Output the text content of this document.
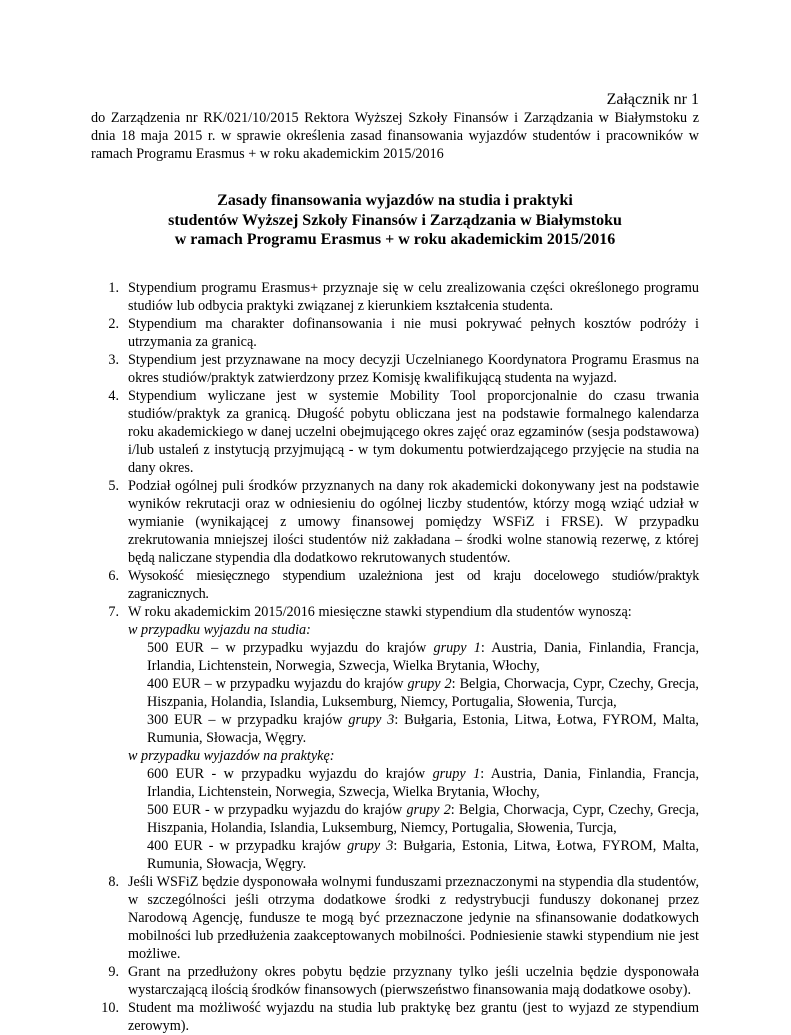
Załącznik nr 1
do Zarządzenia nr RK/021/10/2015 Rektora Wyższej Szkoły Finansów i Zarządzania w Białymstoku z dnia 18 maja 2015 r. w sprawie określenia zasad finansowania wyjazdów studentów i pracowników w ramach Programu Erasmus + w roku akademickim 2015/2016
Zasady finansowania wyjazdów na studia i praktyki
studentów Wyższej Szkoły Finansów i Zarządzania w Białymstoku
w ramach Programu Erasmus + w roku akademickim 2015/2016
1. Stypendium programu Erasmus+ przyznaje się w celu zrealizowania części określonego programu studiów lub odbycia praktyki związanej z kierunkiem kształcenia studenta.
2. Stypendium ma charakter dofinansowania i nie musi pokrywać pełnych kosztów podróży i utrzymania za granicą.
3. Stypendium jest przyznawane na mocy decyzji Uczelnianego Koordynatora Programu Erasmus na okres studiów/praktyk zatwierdzony przez Komisję kwalifikującą studenta na wyjazd.
4. Stypendium wyliczane jest w systemie Mobility Tool proporcjonalnie do czasu trwania studiów/praktyk za granicą. Długość pobytu obliczana jest na podstawie formalnego kalendarza roku akademickiego w danej uczelni obejmującego okres zajęć oraz egzaminów (sesja podstawowa) i/lub ustaleń z instytucją przyjmującą - w tym dokumentu potwierdzającego przyjęcie na studia na dany okres.
5. Podział ogólnej puli środków przyznanych na dany rok akademicki dokonywany jest na podstawie wyników rekrutacji oraz w odniesieniu do ogólnej liczby studentów, którzy mogą wziąć udział w wymianie (wynikającej z umowy finansowej pomiędzy WSFiZ i FRSE). W przypadku zrekrutowania mniejszej ilości studentów niż zakładana – środki wolne stanowią rezerwę, z której będą naliczane stypendia dla dodatkowo rekrutowanych studentów.
6. Wysokość miesięcznego stypendium uzależniona jest od kraju docelowego studiów/praktyk zagranicznych.
7. W roku akademickim 2015/2016 miesięczne stawki stypendium dla studentów wynoszą:
w przypadku wyjazdu na studia:
500 EUR – w przypadku wyjazdu do krajów grupy 1: Austria, Dania, Finlandia, Francja, Irlandia, Lichtenstein, Norwegia, Szwecja, Wielka Brytania, Włochy,
400 EUR – w przypadku wyjazdu do krajów grupy 2: Belgia, Chorwacja, Cypr, Czechy, Grecja, Hiszpania, Holandia, Islandia, Luksemburg, Niemcy, Portugalia, Słowenia, Turcja,
300 EUR – w przypadku krajów grupy 3: Bułgaria, Estonia, Litwa, Łotwa, FYROM, Malta, Rumunia, Słowacja, Węgry.
w przypadku wyjazdów na praktykę:
600 EUR - w przypadku wyjazdu do krajów grupy 1: Austria, Dania, Finlandia, Francja, Irlandia, Lichtenstein, Norwegia, Szwecja, Wielka Brytania, Włochy,
500 EUR - w przypadku wyjazdu do krajów grupy 2: Belgia, Chorwacja, Cypr, Czechy, Grecja, Hiszpania, Holandia, Islandia, Luksemburg, Niemcy, Portugalia, Słowenia, Turcja,
400 EUR - w przypadku krajów grupy 3: Bułgaria, Estonia, Litwa, Łotwa, FYROM, Malta, Rumunia, Słowacja, Węgry.
8. Jeśli WSFiZ będzie dysponowała wolnymi funduszami przeznaczonymi na stypendia dla studentów, w szczególności jeśli otrzyma dodatkowe środki z redystrybucji funduszy dokonanej przez Narodową Agencję, fundusze te mogą być przeznaczone jedynie na sfinansowanie dodatkowych mobilności lub przedłużenia zaakceptowanych mobilności. Podniesienie stawki stypendium nie jest możliwe.
9. Grant na przedłużony okres pobytu będzie przyznany tylko jeśli uczelnia będzie dysponowała wystarczającą ilością środków finansowych (pierwszeństwo finansowania mają dodatkowe osoby).
10. Student ma możliwość wyjazdu na studia lub praktykę bez grantu (jest to wyjazd ze stypendium zerowym).
